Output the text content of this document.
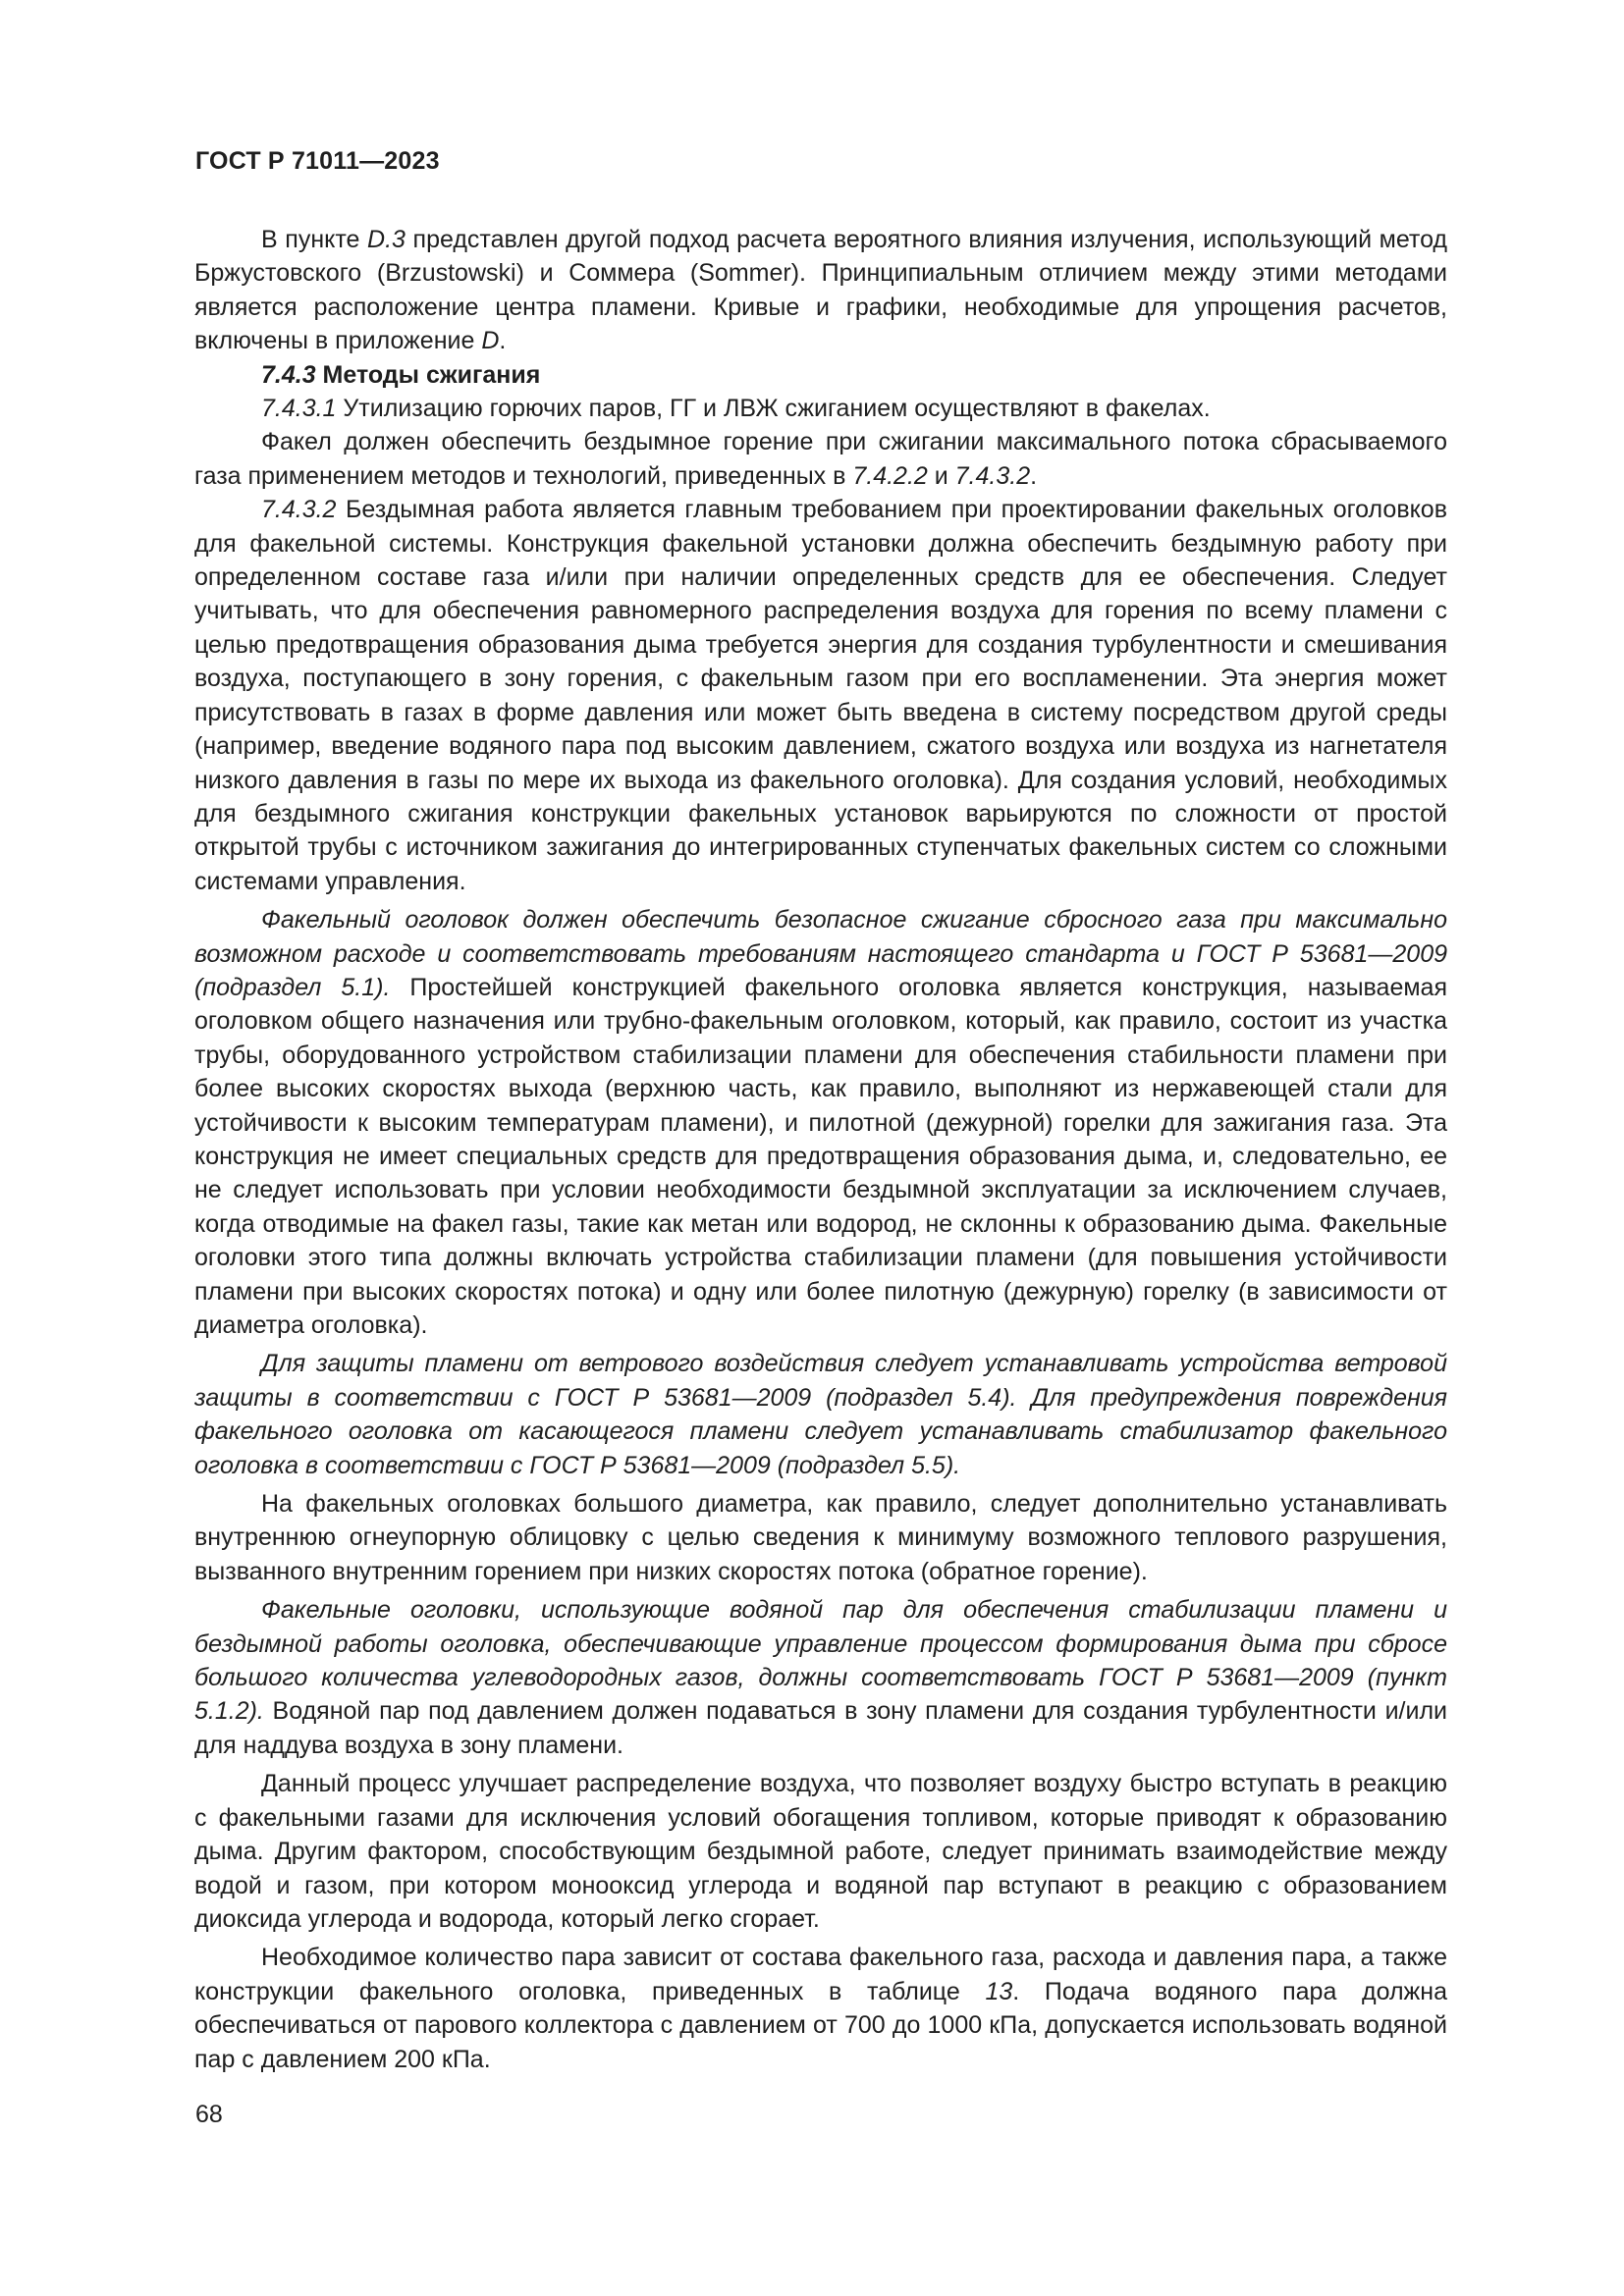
ГОСТ Р 71011—2023

В пункте D.3 представлен другой подход расчета вероятного влияния излучения, использующий метод Бржустовского (Brzustowski) и Соммера (Sommer). Принципиальным отличием между этими методами является расположение центра пламени. Кривые и графики, необходимые для упрощения расчетов, включены в приложение D.

7.4.3 Методы сжигания

7.4.3.1 Утилизацию горючих паров, ГГ и ЛВЖ сжиганием осуществляют в факелах.

Факел должен обеспечить бездымное горение при сжигании максимального потока сбрасываемого газа применением методов и технологий, приведенных в 7.4.2.2 и 7.4.3.2.

7.4.3.2 Бездымная работа является главным требованием при проектировании факельных оголовков для факельной системы. Конструкция факельной установки должна обеспечить бездымную работу при определенном составе газа и/или при наличии определенных средств для ее обеспечения. Следует учитывать, что для обеспечения равномерного распределения воздуха для горения по всему пламени с целью предотвращения образования дыма требуется энергия для создания турбулентности и смешивания воздуха, поступающего в зону горения, с факельным газом при его воспламенении. Эта энергия может присутствовать в газах в форме давления или может быть введена в систему посредством другой среды (например, введение водяного пара под высоким давлением, сжатого воздуха или воздуха из нагнетателя низкого давления в газы по мере их выхода из факельного оголовка). Для создания условий, необходимых для бездымного сжигания конструкции факельных установок варьируются по сложности от простой открытой трубы с источником зажигания до интегрированных ступенчатых факельных систем со сложными системами управления.

Факельный оголовок должен обеспечить безопасное сжигание сбросного газа при максимально возможном расходе и соответствовать требованиям настоящего стандарта и ГОСТ Р 53681—2009 (подраздел 5.1). Простейшей конструкцией факельного оголовка является конструкция, называемая оголовком общего назначения или трубно-факельным оголовком, который, как правило, состоит из участка трубы, оборудованного устройством стабилизации пламени для обеспечения стабильности пламени при более высоких скоростях выхода (верхнюю часть, как правило, выполняют из нержавеющей стали для устойчивости к высоким температурам пламени), и пилотной (дежурной) горелки для зажигания газа. Эта конструкция не имеет специальных средств для предотвращения образования дыма, и, следовательно, ее не следует использовать при условии необходимости бездымной эксплуатации за исключением случаев, когда отводимые на факел газы, такие как метан или водород, не склонны к образованию дыма. Факельные оголовки этого типа должны включать устройства стабилизации пламени (для повышения устойчивости пламени при высоких скоростях потока) и одну или более пилотную (дежурную) горелку (в зависимости от диаметра оголовка).

Для защиты пламени от ветрового воздействия следует устанавливать устройства ветровой защиты в соответствии с ГОСТ Р 53681—2009 (подраздел 5.4). Для предупреждения повреждения факельного оголовка от касающегося пламени следует устанавливать стабилизатор факельного оголовка в соответствии с ГОСТ Р 53681—2009 (подраздел 5.5).

На факельных оголовках большого диаметра, как правило, следует дополнительно устанавливать внутреннюю огнеупорную облицовку с целью сведения к минимуму возможного теплового разрушения, вызванного внутренним горением при низких скоростях потока (обратное горение).

Факельные оголовки, использующие водяной пар для обеспечения стабилизации пламени и бездымной работы оголовка, обеспечивающие управление процессом формирования дыма при сбросе большого количества углеводородных газов, должны соответствовать ГОСТ Р 53681—2009 (пункт 5.1.2). Водяной пар под давлением должен подаваться в зону пламени для создания турбулентности и/или для наддува воздуха в зону пламени.

Данный процесс улучшает распределение воздуха, что позволяет воздуху быстро вступать в реакцию с факельными газами для исключения условий обогащения топливом, которые приводят к образованию дыма. Другим фактором, способствующим бездымной работе, следует принимать взаимодействие между водой и газом, при котором монооксид углерода и водяной пар вступают в реакцию с образованием диоксида углерода и водорода, который легко сгорает.

Необходимое количество пара зависит от состава факельного газа, расхода и давления пара, а также конструкции факельного оголовка, приведенных в таблице 13. Подача водяного пара должна обеспечиваться от парового коллектора с давлением от 700 до 1000 кПа, допускается использовать водяной пар с давлением 200 кПа.

68
